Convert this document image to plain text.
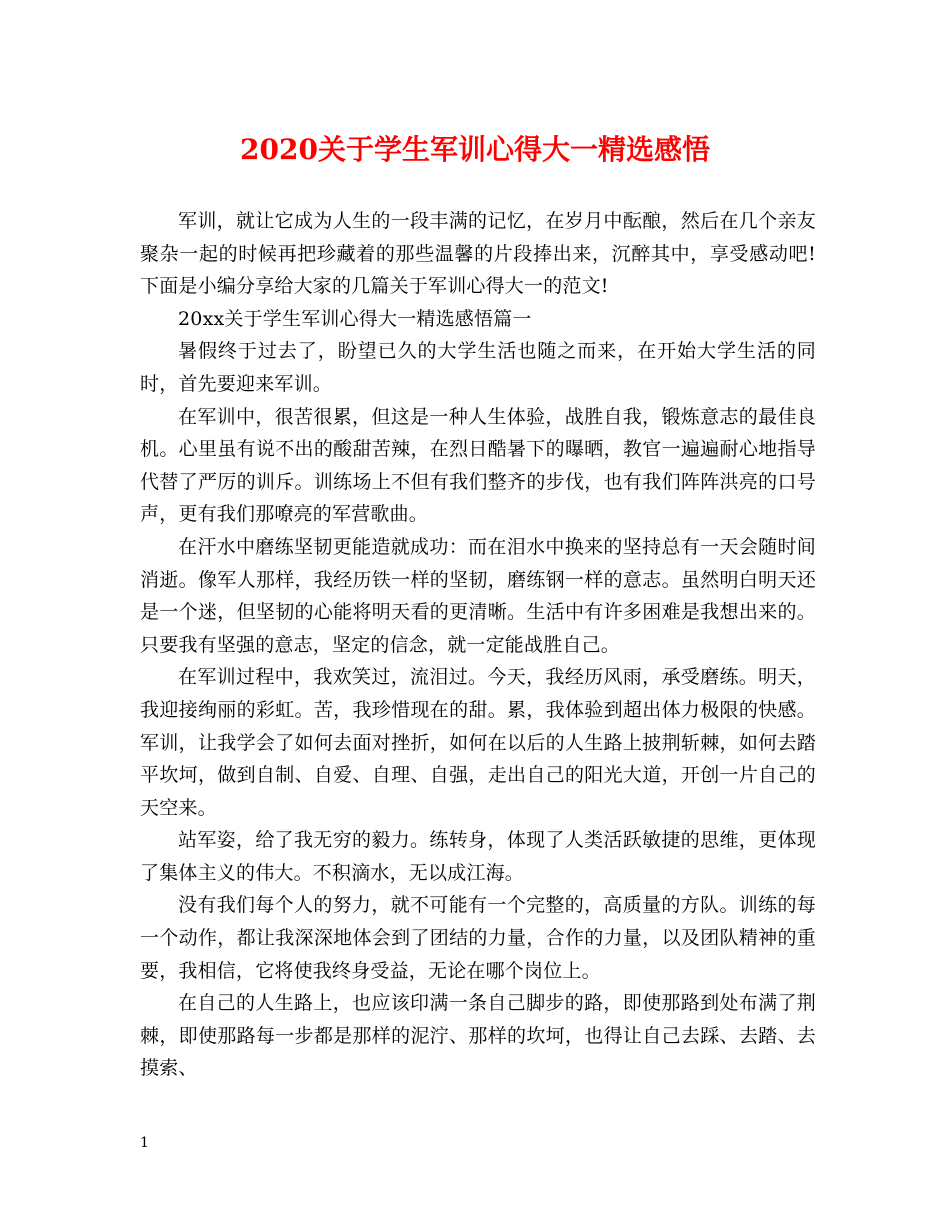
2020关于学生军训心得大一精选感悟

军训，就让它成为人生的一段丰满的记忆，在岁月中酝酿，然后在几个亲友聚杂一起的时候再把珍藏着的那些温馨的片段捧出来，沉醉其中，享受感动吧!下面是小编分享给大家的几篇关于军训心得大一的范文!

20xx关于学生军训心得大一精选感悟篇一

暑假终于过去了，盼望已久的大学生活也随之而来，在开始大学生活的同时，首先要迎来军训。

在军训中，很苦很累，但这是一种人生体验，战胜自我，锻炼意志的最佳良机。心里虽有说不出的酸甜苦辣，在烈日酷暑下的曝晒，教官一遍遍耐心地指导代替了严厉的训斥。训练场上不但有我们整齐的步伐，也有我们阵阵洪亮的口号声，更有我们那嘹亮的军营歌曲。

在汗水中磨练坚韧更能造就成功：而在泪水中换来的坚持总有一天会随时间消逝。像军人那样，我经历铁一样的坚韧，磨练钢一样的意志。虽然明白明天还是一个迷，但坚韧的心能将明天看的更清晰。生活中有许多困难是我想出来的。只要我有坚强的意志，坚定的信念，就一定能战胜自己。

在军训过程中，我欢笑过，流泪过。今天，我经历风雨，承受磨练。明天，我迎接绚丽的彩虹。苦，我珍惜现在的甜。累，我体验到超出体力极限的快感。军训，让我学会了如何去面对挫折，如何在以后的人生路上披荆斩棘，如何去踏平坎坷，做到自制、自爱、自理、自强，走出自己的阳光大道，开创一片自己的天空来。

站军姿，给了我无穷的毅力。练转身，体现了人类活跃敏捷的思维，更体现了集体主义的伟大。不积滴水，无以成江海。

没有我们每个人的努力，就不可能有一个完整的，高质量的方队。训练的每一个动作，都让我深深地体会到了团结的力量，合作的力量，以及团队精神的重要，我相信，它将使我终身受益，无论在哪个岗位上。

在自己的人生路上，也应该印满一条自己脚步的路，即使那路到处布满了荆棘，即使那路每一步都是那样的泥泞、那样的坎坷，也得让自己去踩、去踏、去摸索、

1
